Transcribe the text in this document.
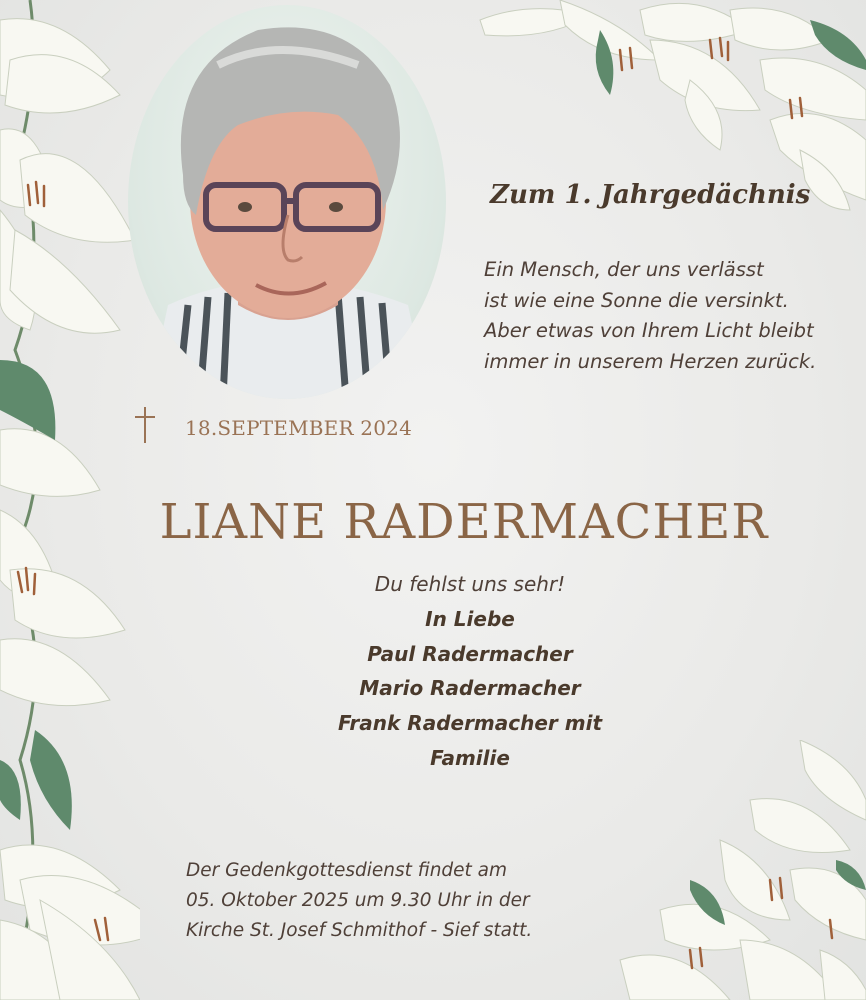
Zum 1. Jahrgedächnis
Ein Mensch, der uns verlässt
ist wie eine Sonne die versinkt.
Aber etwas von Ihrem Licht bleibt
immer in unserem Herzen zurück.
18.SEPTEMBER 2024
LIANE RADERMACHER
Du fehlst uns sehr!
In Liebe
Paul Radermacher
Mario Radermacher
Frank Radermacher mit
Familie
Der Gedenkgottesdienst findet am
05. Oktober 2025 um 9.30 Uhr in der
Kirche St. Josef Schmithof - Sief statt.
